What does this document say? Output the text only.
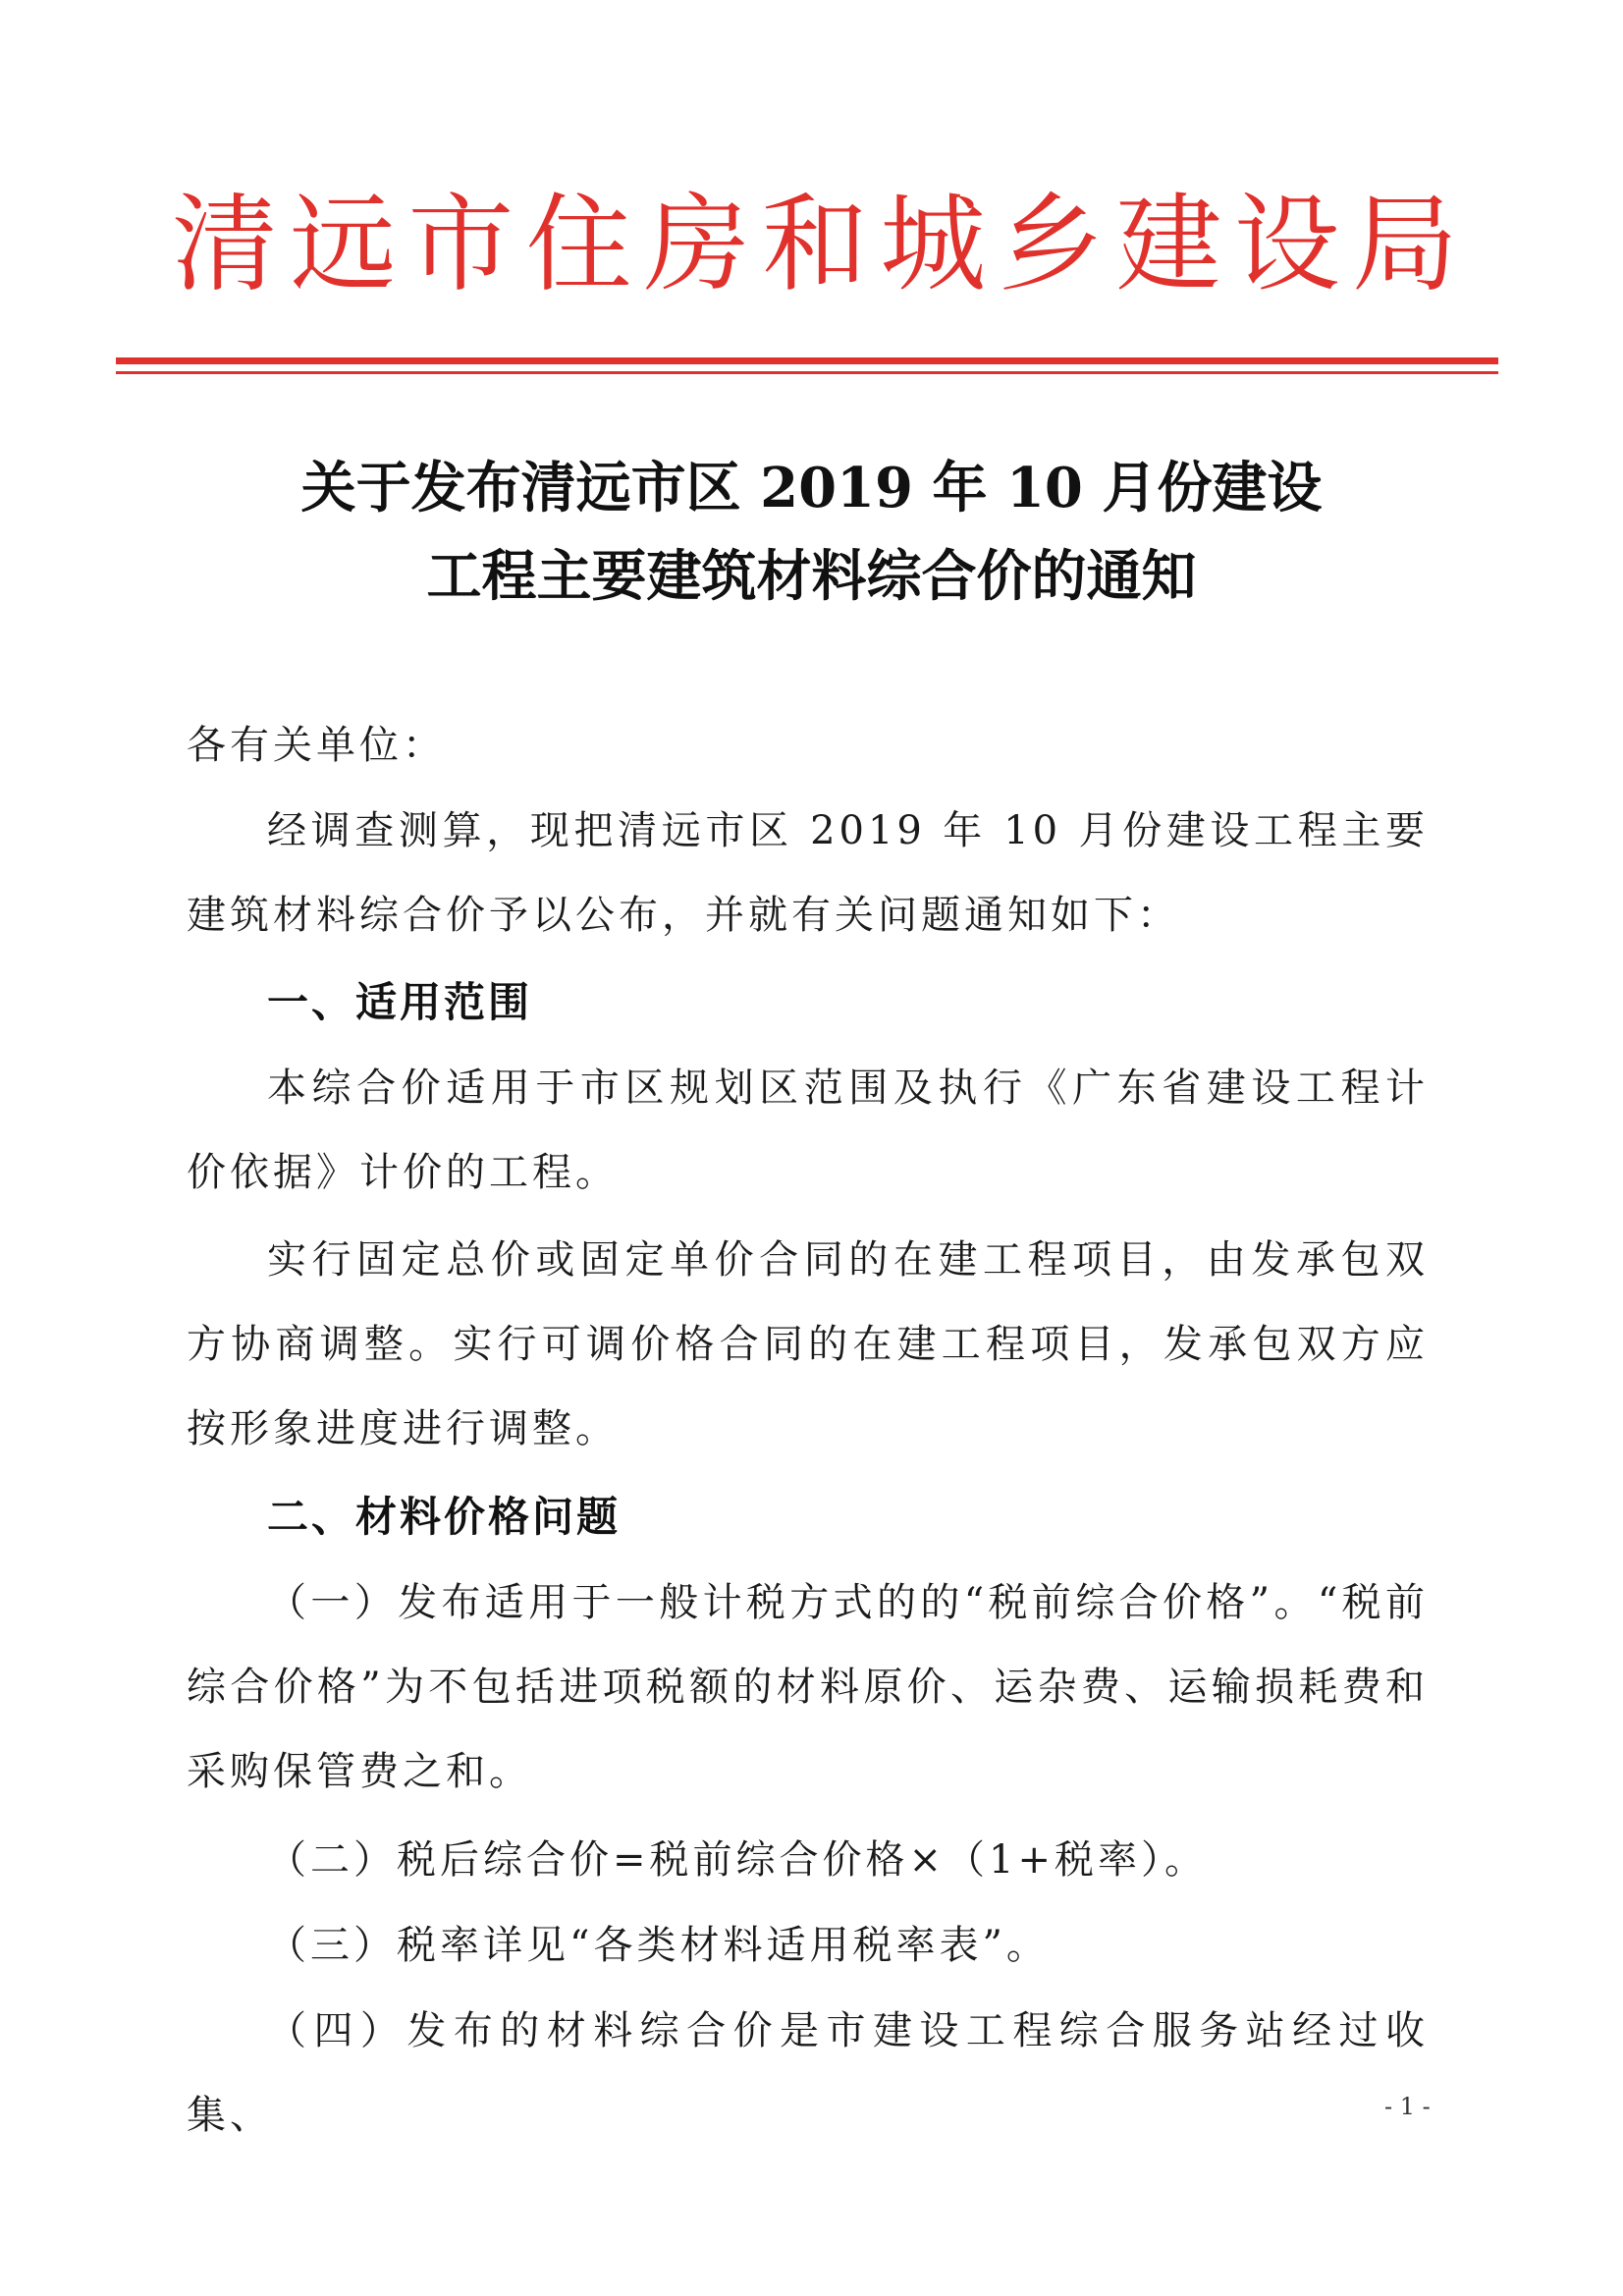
清 远 市 住 房 和 城 乡 建 设 局
关于发布清远市区 2019 年 10 月份建设
工程主要建筑材料综合价的通知
各有关单位：
经调查测算，现把清远市区 2019 年 10 月份建设工程主要建筑材料综合价予以公布，并就有关问题通知如下：
一、适用范围
本综合价适用于市区规划区范围及执行《广东省建设工程计价依据》计价的工程。
实行固定总价或固定单价合同的在建工程项目，由发承包双方协商调整。实行可调价格合同的在建工程项目，发承包双方应按形象进度进行调整。
二、材料价格问题
（一）发布适用于一般计税方式的的“税前综合价格”。“税前综合价格”为不包括进项税额的材料原价、运杂费、运输损耗费和采购保管费之和。
（二）税后综合价=税前综合价格×（1+税率）。
（三）税率详见“各类材料适用税率表”。
（四）发布的材料综合价是市建设工程综合服务站经过收集、	- 1 -
